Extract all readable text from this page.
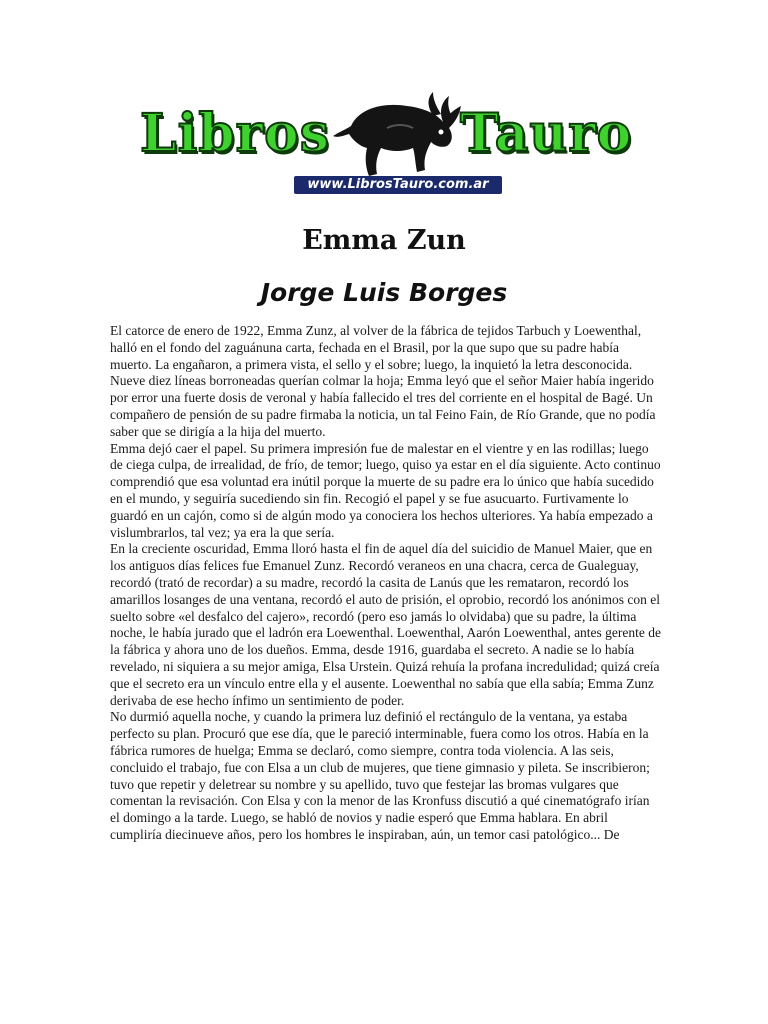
Libros Tauro
www.LibrosTauro.com.ar
Emma Zun
Jorge Luis Borges

El catorce de enero de 1922, Emma Zunz, al volver de la fábrica de tejidos Tarbuch y Loewenthal, halló en el fondo del zaguánuna carta, fechada en el Brasil, por la que supo que su padre había muerto. La engañaron, a primera vista, el sello y el sobre; luego, la inquietó la letra desconocida. Nueve diez líneas borroneadas querían colmar la hoja; Emma leyó que el señor Maier había ingerido por error una fuerte dosis de veronal y había fallecido el tres del corriente en el hospital de Bagé. Un compañero de pensión de su padre firmaba la noticia, un tal Feino Fain, de Río Grande, que no podía saber que se dirigía a la hija del muerto.

Emma dejó caer el papel. Su primera impresión fue de malestar en el vientre y en las rodillas; luego de ciega culpa, de irrealidad, de frío, de temor; luego, quiso ya estar en el día siguiente. Acto continuo comprendió que esa voluntad era inútil porque la muerte de su padre era lo único que había sucedido en el mundo, y seguiría sucediendo sin fin. Recogió el papel y se fue asucuarto. Furtivamente lo guardó en un cajón, como si de algún modo ya conociera los hechos ulteriores. Ya había empezado a vislumbrarlos, tal vez; ya era la que sería.

En la creciente oscuridad, Emma lloró hasta el fin de aquel día del suicidio de Manuel Maier, que en los antiguos días felices fue Emanuel Zunz. Recordó veraneos en una chacra, cerca de Gualeguay, recordó (trató de recordar) a su madre, recordó la casita de Lanús que les remataron, recordó los amarillos losanges de una ventana, recordó el auto de prisión, el oprobio, recordó los anónimos con el suelto sobre «el desfalco del cajero», recordó (pero eso jamás lo olvidaba) que su padre, la última noche, le había jurado que el ladrón era Loewenthal. Loewenthal, Aarón Loewenthal, antes gerente de la fábrica y ahora uno de los dueños. Emma, desde 1916, guardaba el secreto. A nadie se lo había revelado, ni siquiera a su mejor amiga, Elsa Urstein. Quizá rehuía la profana incredulidad; quizá creía que el secreto era un vínculo entre ella y el ausente. Loewenthal no sabía que ella sabía; Emma Zunz derivaba de ese hecho ínfimo un sentimiento de poder.

No durmió aquella noche, y cuando la primera luz definió el rectángulo de la ventana, ya estaba perfecto su plan. Procuró que ese día, que le pareció interminable, fuera como los otros. Había en la fábrica rumores de huelga; Emma se declaró, como siempre, contra toda violencia. A las seis, concluido el trabajo, fue con Elsa a un club de mujeres, que tiene gimnasio y pileta. Se inscribieron; tuvo que repetir y deletrear su nombre y su apellido, tuvo que festejar las bromas vulgares que comentan la revisación. Con Elsa y con la menor de las Kronfuss discutió a qué cinematógrafo irían el domingo a la tarde. Luego, se habló de novios y nadie esperó que Emma hablara. En abril cumpliría diecinueve años, pero los hombres le inspiraban, aún, un temor casi patológico... De
